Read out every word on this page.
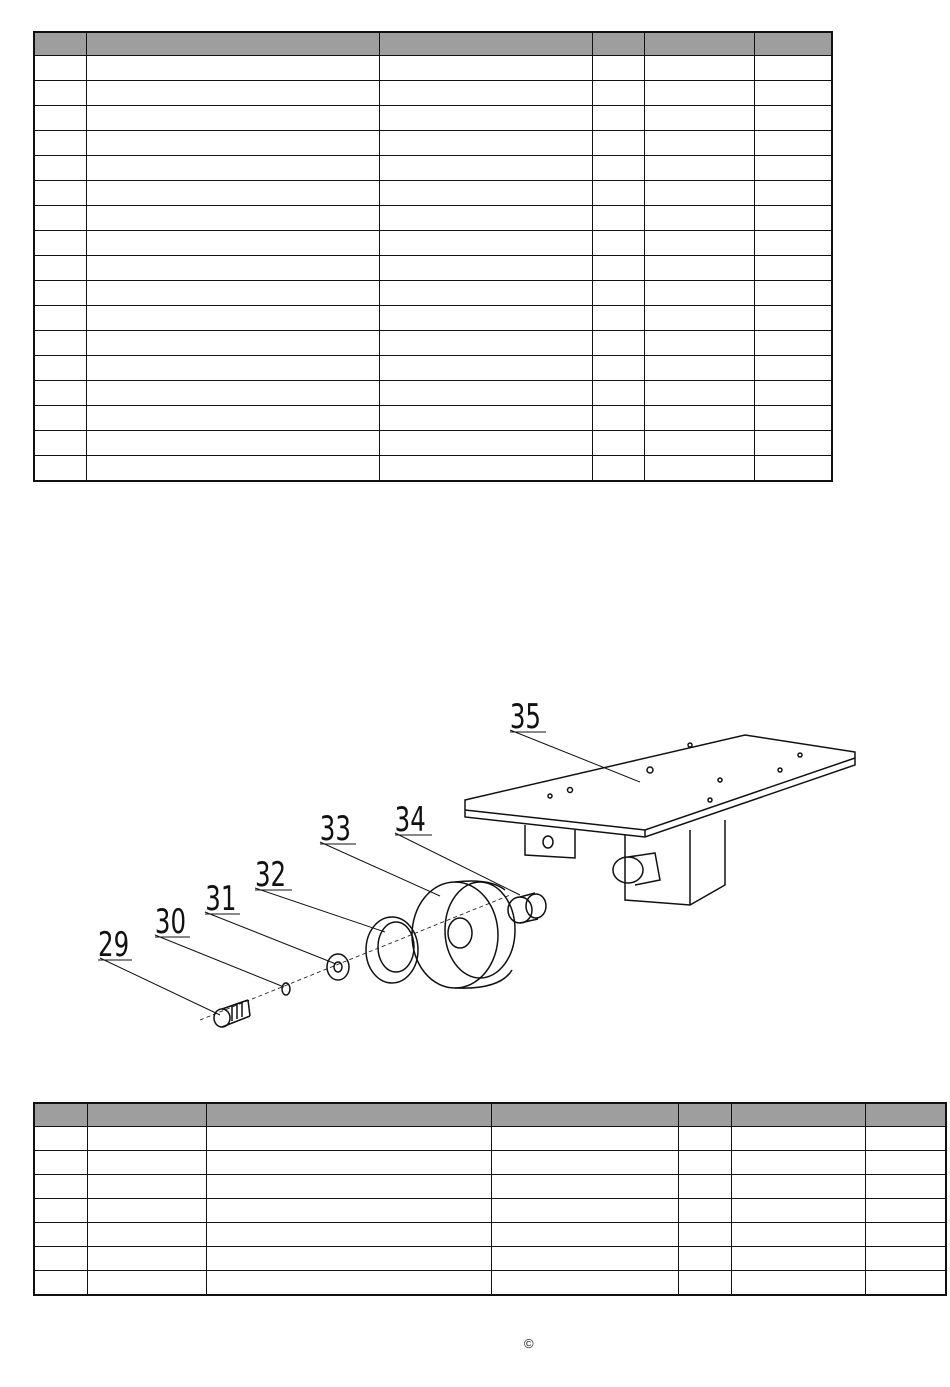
29
30
31
32
33 34
35

©
